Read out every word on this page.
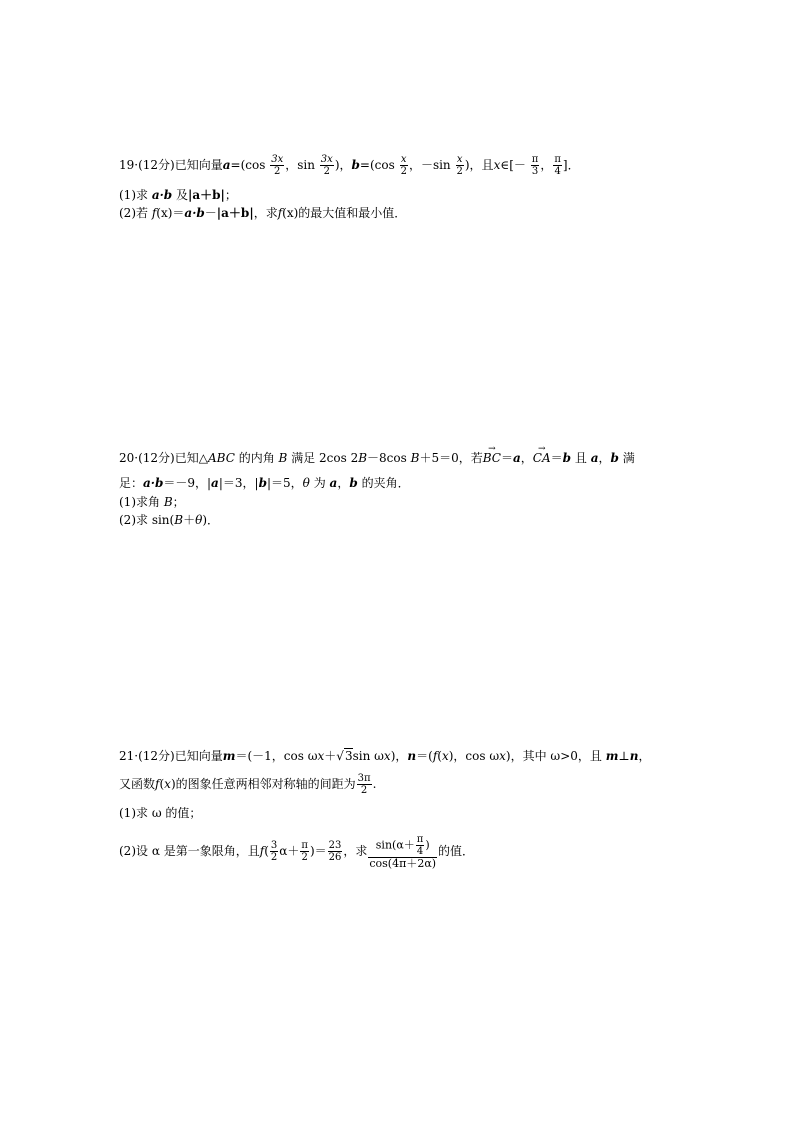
19·(12分)已知向量$a=(\cos \frac{3x}{2}$ ，$\sin \frac{3x}{2}$ )，$b=(\cos \frac{x}{2}$ ，$-\sin \frac{x}{2}$ )，且x∈[－ $\frac{\pi}{3}$ ， $\frac{\pi}{4}$ ]．
(1)求 a·b 及|a＋b|；
(2)若 f(x)＝a·b－|a＋b|，求f(x)的最大值和最小值．
20·(12分)已知△ABC 的内角 B 满足 2cos 2B－8cos B＋5＝0，若→ BC＝a，→ CA＝b 且 a，b 满
足：a·b＝－9，|a|＝3，|b|＝5，θ 为 a，b 的夹角．
(1)求角 B；
(2)求 sin(B＋θ)．
21·(12分)已知向量m＝(－1，cos ωx＋√3sin ωx)，n＝(f(x)，cos ωx)，其中 ω>0，且 m⊥n，
又函数f(x)的图象任意两相邻对称轴的间距为 $\frac{3\pi}{2}$ .
(1)求 ω 的值；
(2)设 α 是第一象限角，且$f( \frac{3}{2} \alpha+ \frac{\pi}{2}$ )＝ $\frac{23}{26}$ ，求 $\frac{\sin(\alpha+ \frac{\pi}{4} )}{\cos(4\pi+2\alpha)}$ 的值．
